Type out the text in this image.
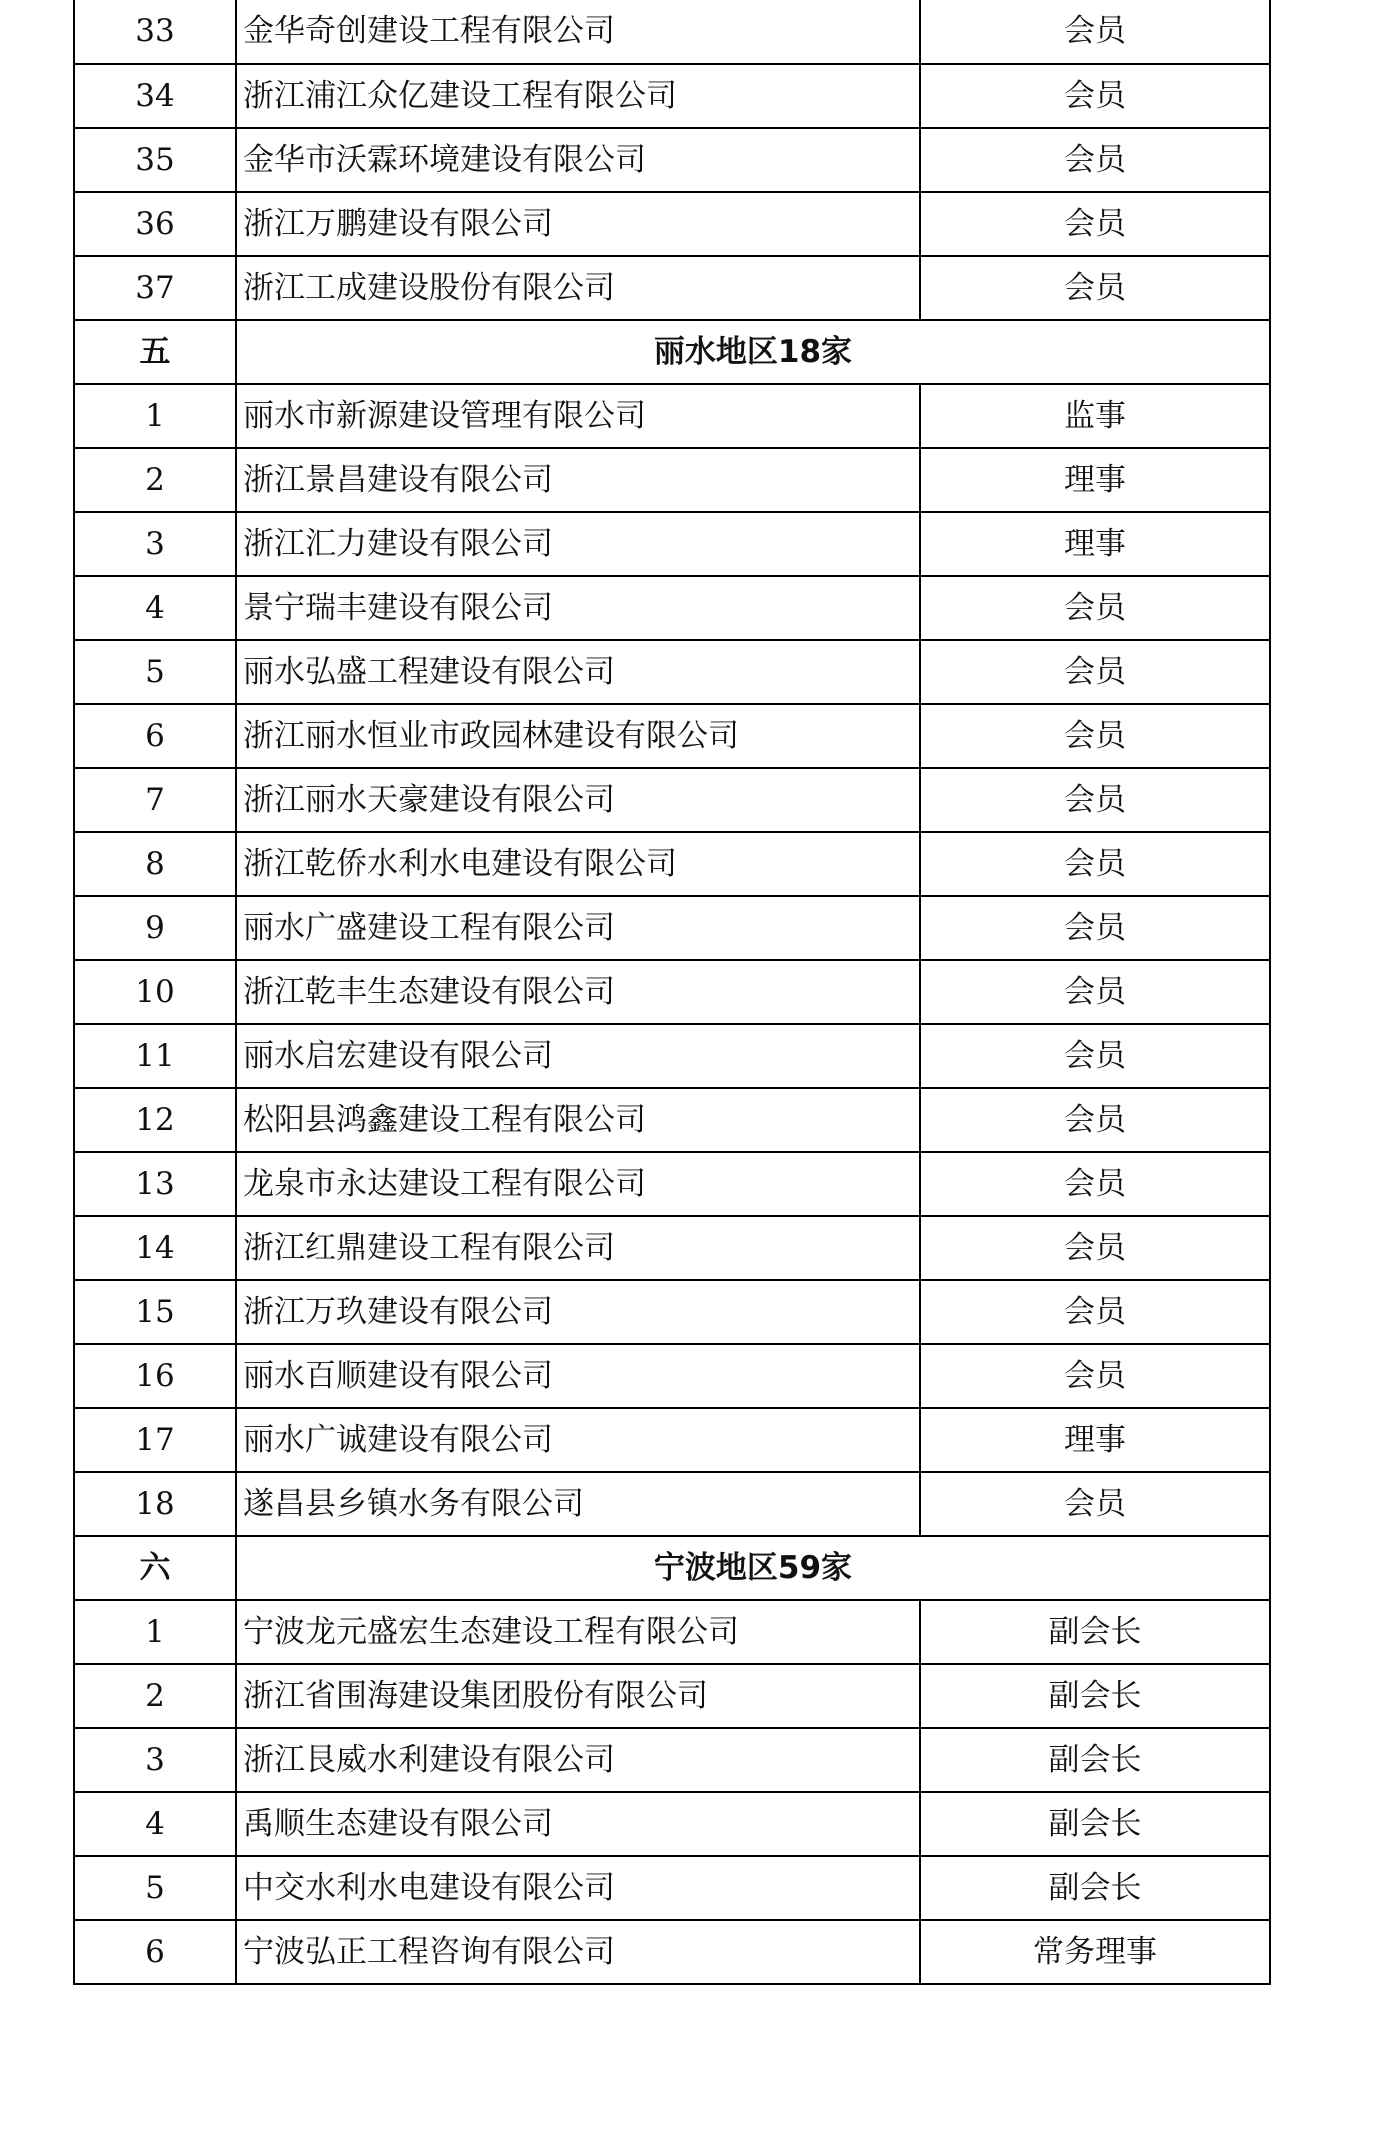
33	金华奇创建设工程有限公司	会员
34	浙江浦江众亿建设工程有限公司	会员
35	金华市沃霖环境建设有限公司	会员
36	浙江万鹏建设有限公司	会员
37	浙江工成建设股份有限公司	会员
五	丽水地区18家	
1	丽水市新源建设管理有限公司	监事
2	浙江景昌建设有限公司	理事
3	浙江汇力建设有限公司	理事
4	景宁瑞丰建设有限公司	会员
5	丽水弘盛工程建设有限公司	会员
6	浙江丽水恒业市政园林建设有限公司	会员
7	浙江丽水天豪建设有限公司	会员
8	浙江乾侨水利水电建设有限公司	会员
9	丽水广盛建设工程有限公司	会员
10	浙江乾丰生态建设有限公司	会员
11	丽水启宏建设有限公司	会员
12	松阳县鸿鑫建设工程有限公司	会员
13	龙泉市永达建设工程有限公司	会员
14	浙江红鼎建设工程有限公司	会员
15	浙江万玖建设有限公司	会员
16	丽水百顺建设有限公司	会员
17	丽水广诚建设有限公司	理事
18	遂昌县乡镇水务有限公司	会员
六	宁波地区59家	
1	宁波龙元盛宏生态建设工程有限公司	副会长
2	浙江省围海建设集团股份有限公司	副会长
3	浙江艮威水利建设有限公司	副会长
4	禹顺生态建设有限公司	副会长
5	中交水利水电建设有限公司	副会长
6	宁波弘正工程咨询有限公司	常务理事
